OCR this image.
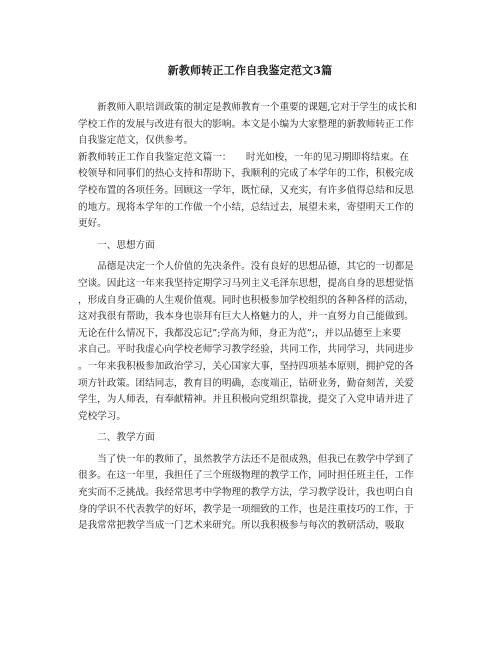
新教师转正工作自我鉴定范文3篇
　　新教师入职培训政策的制定是教师教育一个重要的课题,它对于学生的成长和
学校工作的发展与改进有很大的影响。本文是小编为大家整理的新教师转正工作
自我鉴定范文，仅供参考。
新教师转正工作自我鉴定范文篇一：　　时光如梭，一年的见习期即将结束。在
校领导和同事们的热心支持和帮助下，我顺利的完成了本学年的工作，积极完成
学校布置的各项任务。回顾这一学年，既忙碌，又充实，有许多值得总结和反思
的地方。现将本学年的工作做一个小结，总结过去，展望未来，寄望明天工作的
更好。
　　一、思想方面
　　品德是决定一个人价值的先决条件。没有良好的思想品德，其它的一切都是
空谈。因此这一年来我坚持定期学习马列主义毛泽东思想，提高自身的思想觉悟
，形成自身正确的人生观价值观。同时也积极参加学校组织的各种各样的活动，
这对我很有帮助，我本身也崇拜有巨大人格魅力的人，并一直努力自己能做到。
无论在什么情况下，我都没忘记”;学高为师，身正为范”;，并以品德至上来要
求自己。平时我虚心向学校老师学习教学经验，共同工作，共同学习，共同进步
。一年来我积极参加政治学习，关心国家大事，坚持四项基本原则，拥护党的各
项方针政策。团结同志，教育目的明确，态度端正，钻研业务，勤奋刻苦，关爱
学生，为人师表，有奉献精神。并且积极向党组织靠拢，提交了入党申请并进了
党校学习。
　　二、教学方面
　　当了快一年的教师了，虽然教学方法还不是很成熟，但我已在教学中学到了
很多。在这一年里，我担任了三个班级物理的教学工作，同时担任班主任，工作
充实而不乏挑战。我经常思考中学物理的教学方法，学习教学设计，我也明白自
身的学识不代表教学的好坏，教学是一项细致的工作，也是注重技巧的工作，于
是我常常把教学当成一门艺术来研究。所以我积极参与每次的教研活动，吸取
